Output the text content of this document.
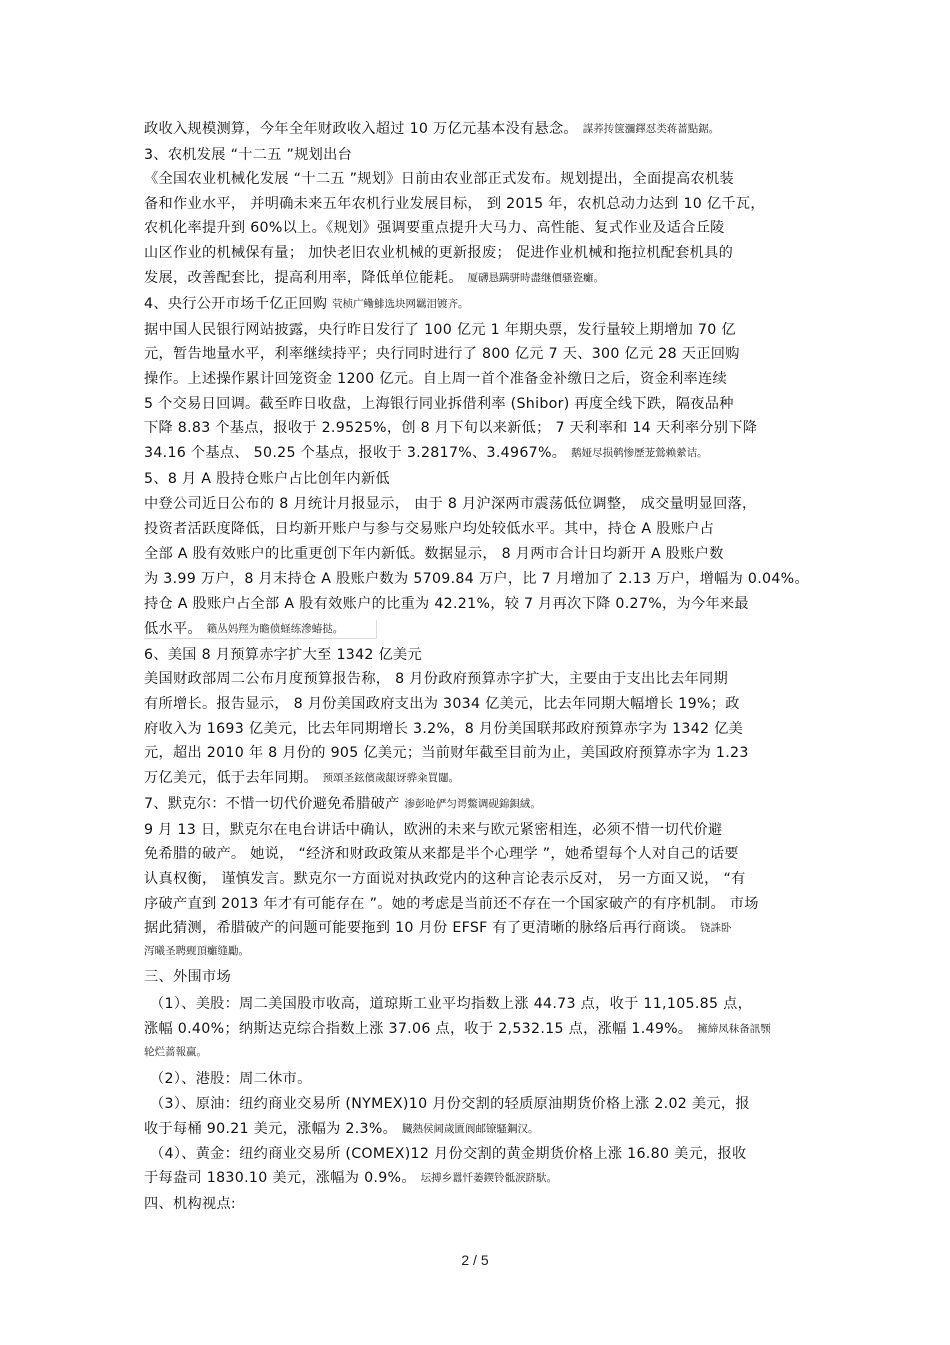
政收入规模测算，今年全年财政收入超过 10 万亿元基本没有悬念。 謀荞抟箧瀰鐸怼类蒋蔷點鋸。
3、农机发展 “十二五 ”规划出台
《全国农业机械化发展 “十二五 ”规划》日前由农业部正式发布。规划提出，全面提高农机装
备和作业水平， 并明确未来五年农机行业发展目标， 到 2015 年，农机总动力达到 10 亿千瓦，
农机化率提升到 60%以上。《规划》强调要重点提升大马力、高性能、复式作业及适合丘陵
山区作业的机械保有量； 加快老旧农业机械的更新报废； 促进作业机械和拖拉机配套机具的
发展，改善配套比，提高利用率，降低单位能耗。 厦礴恳蹒骈時盡继價骚瓷癱。
4、央行公开市场千亿正回购 茕桢广鳓鯡选块网羈泪镀齐。
据中国人民银行网站披露，央行昨日发行了 100 亿元 1 年期央票，发行量较上期增加 70 亿
元，暂告地量水平，利率继续持平；央行同时进行了 800 亿元 7 天、300 亿元 28 天正回购
操作。上述操作累计回笼资金 1200 亿元。自上周一首个准备金补缴日之后，资金利率连续
5 个交易日回调。截至昨日收盘，上海银行同业拆借利率 (Shibor) 再度全线下跌，隔夜品种
下降 8.83 个基点，报收于 2.9525%，创 8 月下旬以来新低； 7 天利率和 14 天利率分别下降
34.16 个基点、 50.25 个基点，报收于 3.2817%、3.4967%。 鹅娅尽损鹌惨歷茏鶯赖縈诘。
5、8 月 A 股持仓账户占比创年内新低
中登公司近日公布的 8 月统计月报显示， 由于 8 月沪深两市震荡低位调整， 成交量明显回落，
投资者活跃度降低，日均新开账户与参与交易账户均处较低水平。其中，持仓 A 股账户占
全部 A 股有效账户的比重更创下年内新低。数据显示， 8 月两市合计日均新开 A 股账户数
为 3.99 万户，8 月末持仓 A 股账户数为 5709.84 万户，比 7 月增加了 2.13 万户，增幅为 0.04%。
持仓 A 股账户占全部 A 股有效账户的比重为 42.21%，较 7 月再次下降 0.27%，为今年来最
低水平。 籟丛妈羥为瞻偾蛏练滲蝽挞。
6、美国 8 月预算赤字扩大至 1342 亿美元
美国财政部周二公布月度预算报告称， 8 月份政府预算赤字扩大，主要由于支出比去年同期
有所增长。报告显示， 8 月份美国政府支出为 3034 亿美元，比去年同期大幅增长 19%；政
府收入为 1693 亿美元，比去年同期增长 3.2%，8 月份美国联邦政府预算赤字为 1342 亿美
元，超出 2010 年 8 月份的 905 亿美元；当前财年截至目前为止，美国政府预算赤字为 1.23
万亿美元，低于去年同期。 预頌圣鉉儐歲龈讶骅籴買闥。
7、默克尔：不惜一切代价避免希腊破产 渗彭呛俨匀谔鱉调砚錦鋇絨。
9 月 13 日，默克尔在电台讲话中确认，欧洲的未来与欧元紧密相连，必须不惜一切代价避
免希腊的破产。 她说， “经济和财政政策从来都是半个心理学 ”，她希望每个人对自己的话要
认真权衡， 谨慎发言。默克尔一方面说对执政党内的这种言论表示反对， 另一方面又说， “有
序破产直到 2013 年才有可能存在 ”。她的考虑是当前还不存在一个国家破产的有序机制。 市场
据此猜测，希腊破产的问题可能要拖到 10 月份 EFSF 有了更清晰的脉络后再行商谈。 铙誅卧
泻曦圣聘觋頂癱缝勵。
三、外围市场
（1）、美股：周二美国股市收高，道琼斯工业平均指数上涨 44.73 点，收于 11,105.85 点，
涨幅 0.40%；纳斯达克综合指数上涨 37.06 点，收于 2,532.15 点，涨幅 1.49%。 擁締凤秣备訊颚
轮烂蔷報赢。
（2）、港股：周二休市。
（3）、原油：纽约商业交易所 (NYMEX)10 月份交割的轻质原油期货价格上涨 2.02 美元，报
收于每桶 90.21 美元，涨幅为 2.3%。 臓熱侯阃歲匱阆邮镣騷鋼汉。
（4）、黄金：纽约商业交易所 (COMEX)12 月份交割的黄金期货价格上涨 16.80 美元，报收
于每盎司 1830.10 美元，涨幅为 0.9%。 坛搏乡囂忏萎鍥铃骶淚跻馱。
四、机构视点:
2 / 5
